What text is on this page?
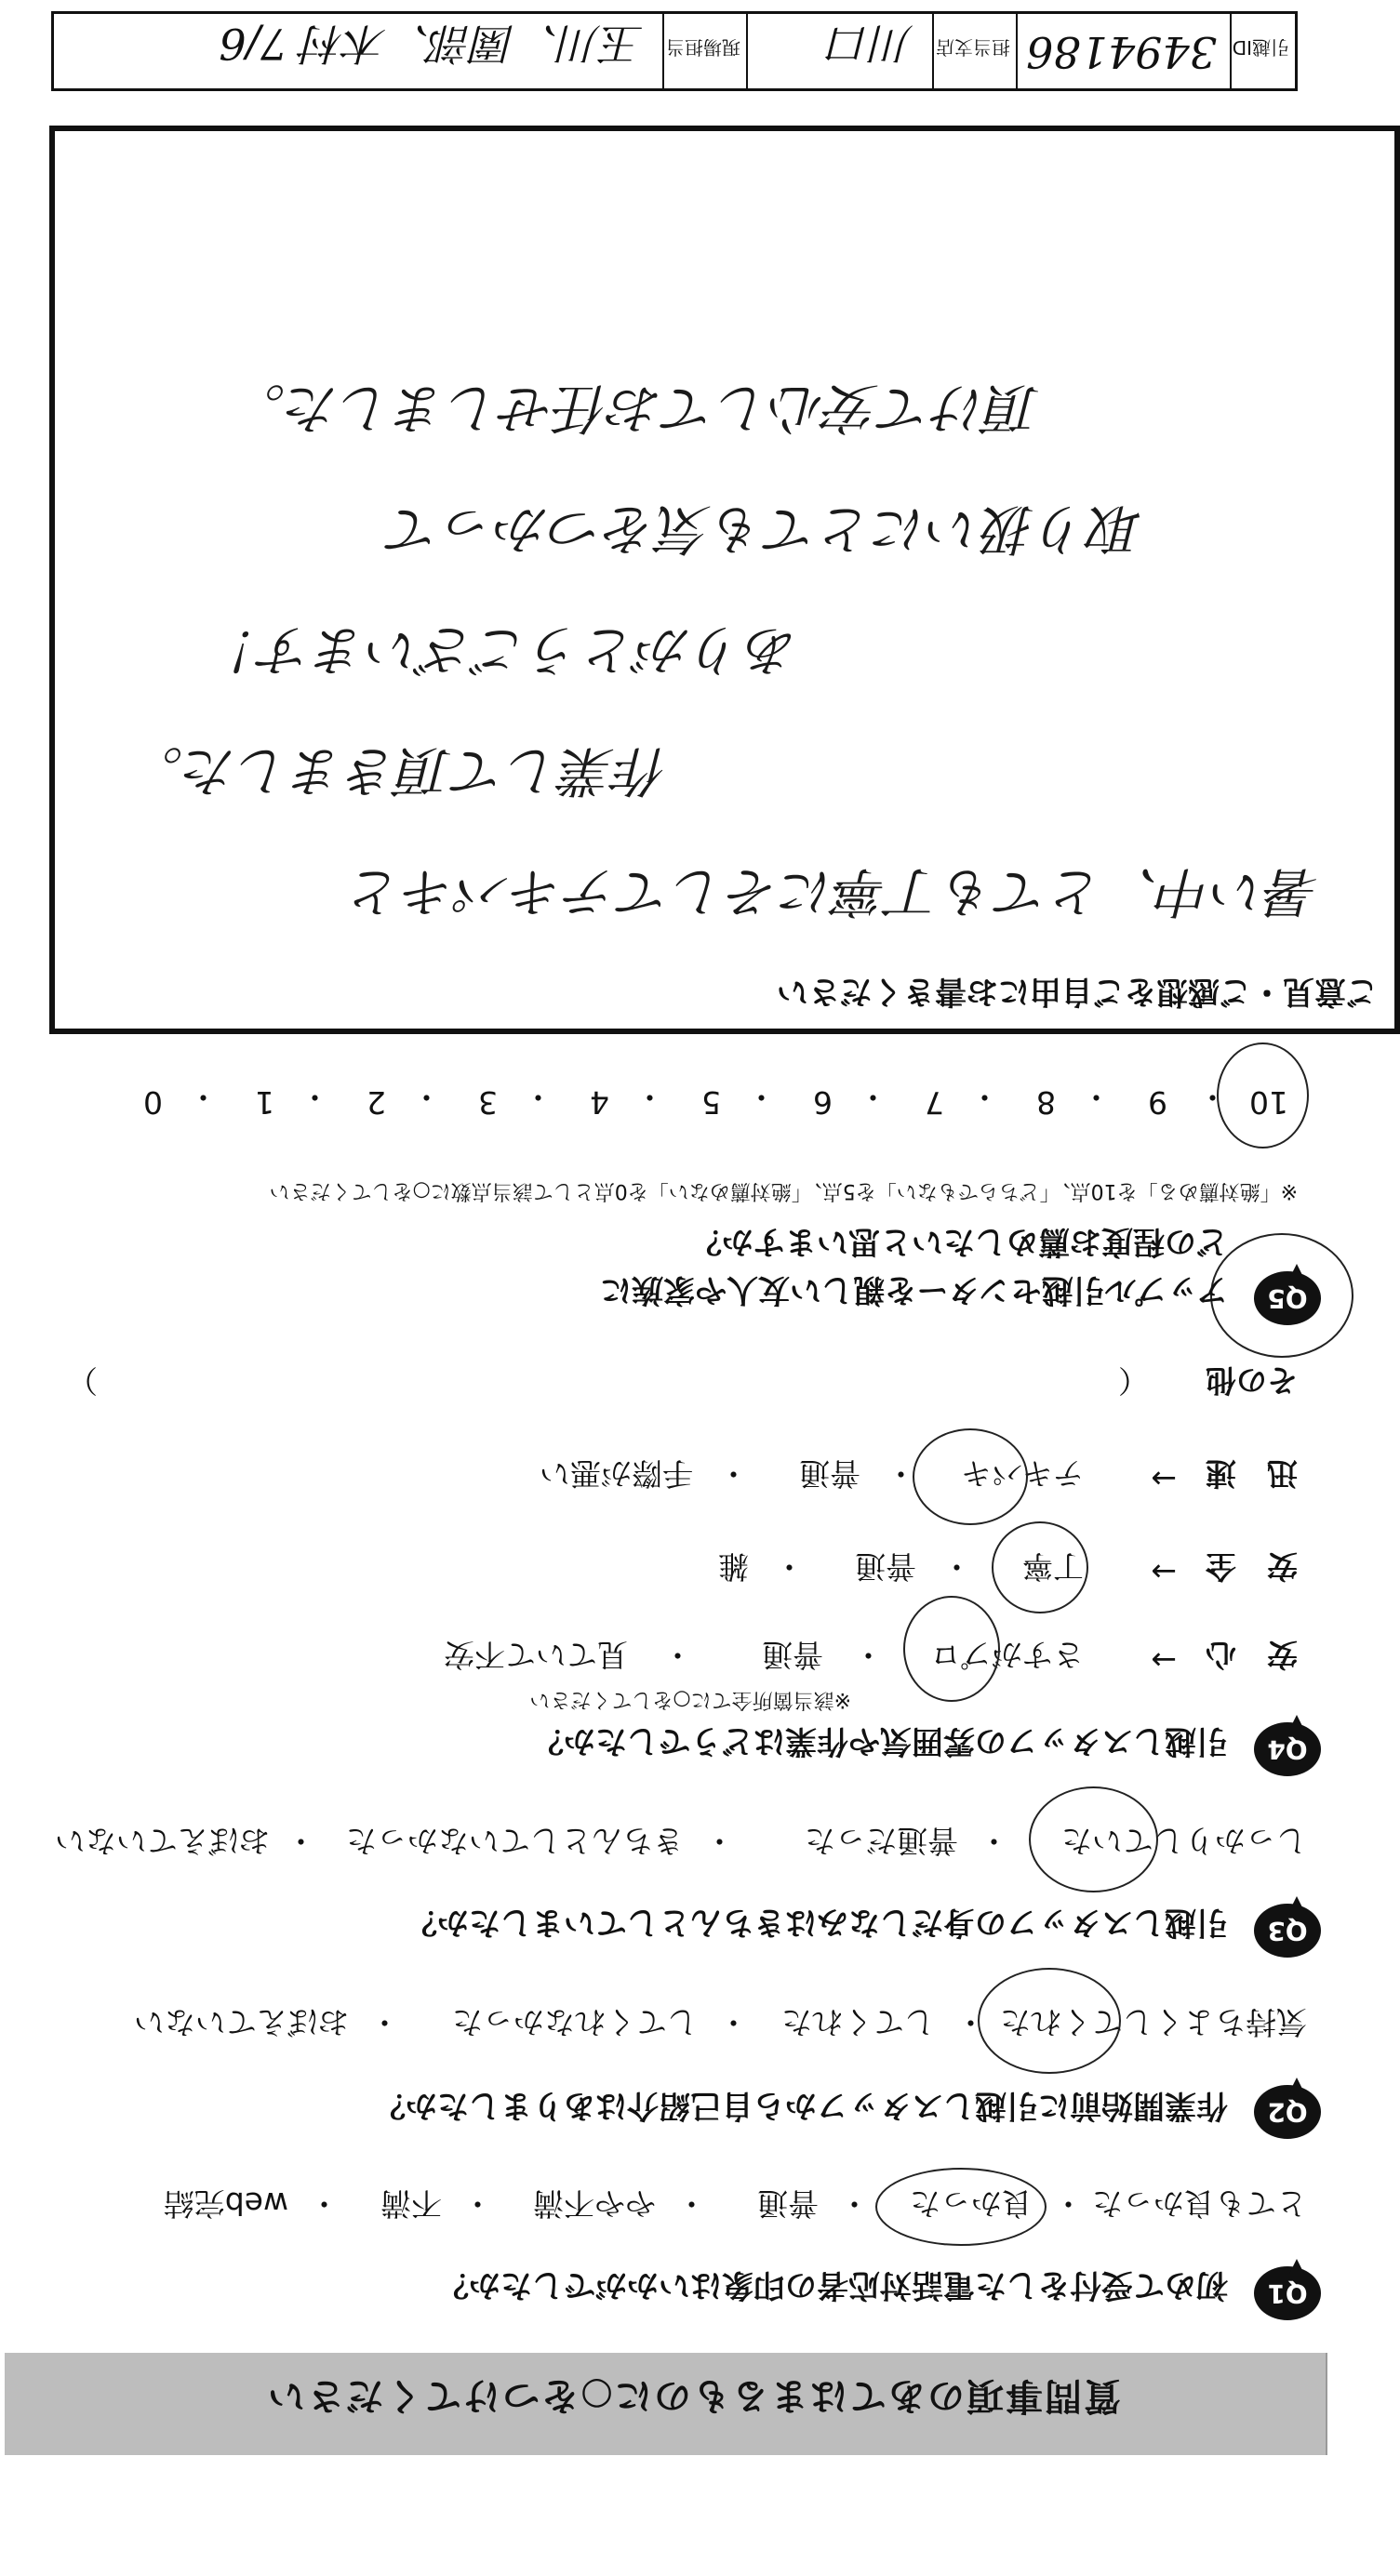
質問事項のあてはまるものに○をつけてください
Q1
初めて受付をした電話対応者の印象はいかがでしたか？
とても良かった
・
良かった
・
普通
・
やや不満
・
不満
・
web完結
Q2
作業開始前に引越しスタッフから自己紹介はありましたか？
気持ちよくしてくれた
・
してくれた
・
してくれなかった
・
おぼえていない
Q3
引越しスタッフの身だしなみはきちんとしていましたか？
しっかりしていた
・
普通だった
・
きちんとしていなかった
・
おぼえていない
Q4
引越しスタッフの雰囲気や作業はどうでしたか？
※該当箇所全てに○をしてください
安　心
→
さすがプロ
・
普通
・
見ていて不安
安　全
→
丁寧
・
普通
・
雑
迅　速
→
テキパキ
・
普通
・
手際が悪い
その他
（
）
Q5
アップル引越センターを親しい友人や家族に
どの程度お薦めしたいと思いますか？
※「絶対薦める」を10点、「どちらでもない」を5点、「絶対薦めない」を0点として該当点数に○をしてください
10
・
9
・
8
・
7
・
6
・
5
・
4
・
3
・
2
・
1
・
0
ご意見・ご感想をご自由にお書きください
暑い中、とても丁寧にそしてテキパキと
作業して頂きました。
ありがとうございます！
取り扱いにとても気をつかって
頂けて安心してお任せしました。
引越ID
3494186
担当支店
川口
現場担当
玉川、園部、木村 7/6
